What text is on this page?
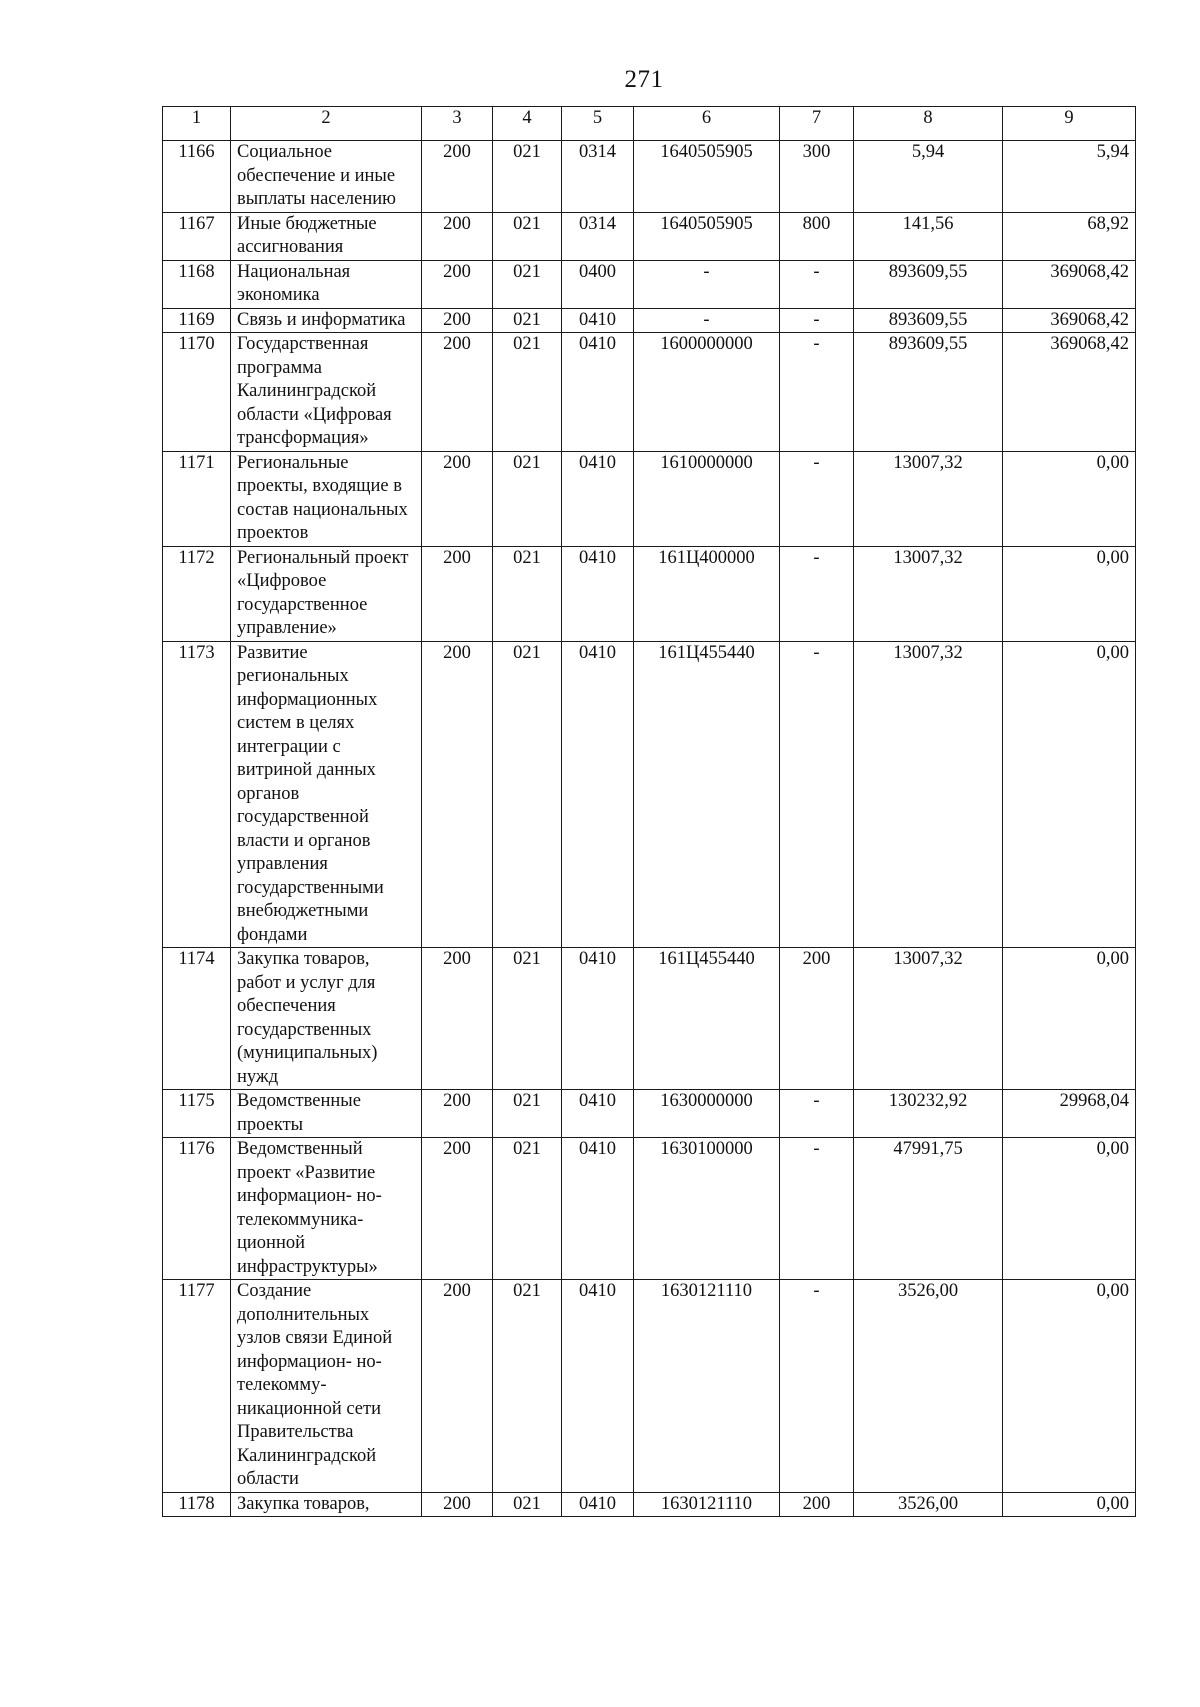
271
1	2	3	4	5	6	7	8	9
1166	Социальное обеспечение и иные выплаты населению	200	021	0314	1640505905	300	5,94	5,94
1167	Иные бюджетные ассигнования	200	021	0314	1640505905	800	141,56	68,92
1168	Национальная экономика	200	021	0400	-	-	893609,55	369068,42
1169	Связь и информатика	200	021	0410	-	-	893609,55	369068,42
1170	Государственная программа Калининградской области «Цифровая трансформация»	200	021	0410	1600000000	-	893609,55	369068,42
1171	Региональные проекты, входящие в состав национальных проектов	200	021	0410	1610000000	-	13007,32	0,00
1172	Региональный проект «Цифровое государственное управление»	200	021	0410	161Ц400000	-	13007,32	0,00
1173	Развитие региональных информационных систем в целях интеграции с витриной данных органов государственной власти и органов управления государственными внебюджетными фондами	200	021	0410	161Ц455440	-	13007,32	0,00
1174	Закупка товаров, работ и услуг для обеспечения государственных (муниципальных) нужд	200	021	0410	161Ц455440	200	13007,32	0,00
1175	Ведомственные проекты	200	021	0410	1630000000	-	130232,92	29968,04
1176	Ведомственный проект «Развитие информацион- но-телекоммуника- ционной инфраструктуры»	200	021	0410	1630100000	-	47991,75	0,00
1177	Создание дополнительных узлов связи Единой информацион- но-телекомму- никационной сети Правительства Калининградской области	200	021	0410	1630121110	-	3526,00	0,00
1178	Закупка товаров,	200	021	0410	1630121110	200	3526,00	0,00
